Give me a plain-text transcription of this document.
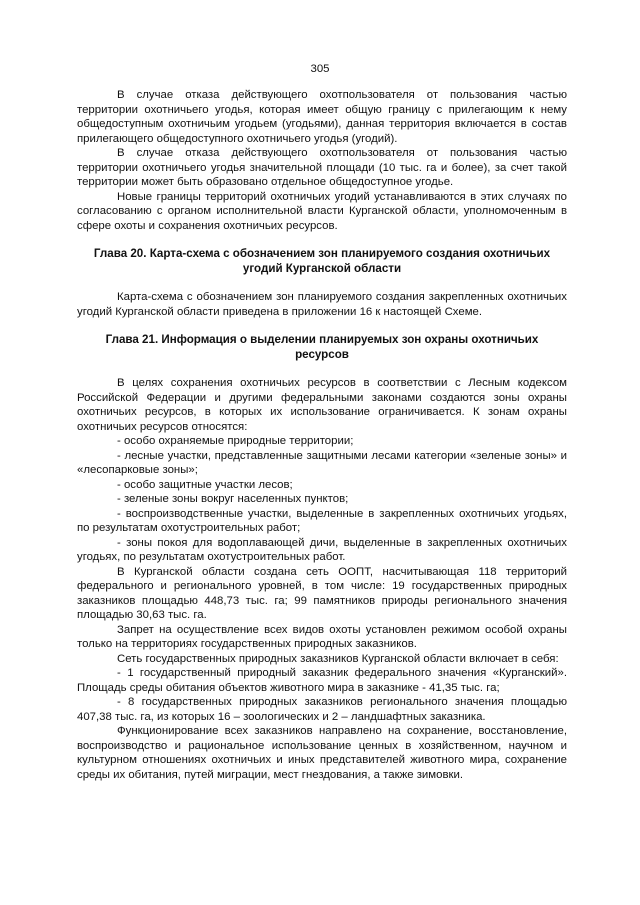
305

В случае отказа действующего охотпользователя от пользования частью территории охотничьего угодья, которая имеет общую границу с прилегающим к нему общедоступным охотничьим угодьем (угодьями), данная территория включается в состав прилегающего общедоступного охотничьего угодья (угодий).

В случае отказа действующего охотпользователя от пользования частью территории охотничьего угодья значительной площади (10 тыс. га и более), за счет такой территории может быть образовано отдельное общедоступное угодье.

Новые границы территорий охотничьих угодий устанавливаются в этих случаях по согласованию с органом исполнительной власти Курганской области, уполномоченным в сфере охоты и сохранения охотничьих ресурсов.

Глава 20. Карта-схема с обозначением зон планируемого создания охотничьих угодий Курганской области

Карта-схема с обозначением зон планируемого создания закрепленных охотничьих угодий Курганской области приведена в приложении 16 к настоящей Схеме.

Глава 21. Информация о выделении планируемых зон охраны охотничьих ресурсов

В целях сохранения охотничьих ресурсов в соответствии с Лесным кодексом Российской Федерации и другими федеральными законами создаются зоны охраны охотничьих ресурсов, в которых их использование ограничивается. К зонам охраны охотничьих ресурсов относятся:

- особо охраняемые природные территории;

- лесные участки, представленные защитными лесами категории «зеленые зоны» и «лесопарковые зоны»;

- особо защитные участки лесов;

- зеленые зоны вокруг населенных пунктов;

- воспроизводственные участки, выделенные в закрепленных охотничьих угодьях, по результатам охотустроительных работ;

- зоны покоя для водоплавающей дичи, выделенные в закрепленных охотничьих угодьях, по результатам охотустроительных работ.

В Курганской области создана сеть ООПТ, насчитывающая 118 территорий федерального и регионального уровней, в том числе: 19 государственных природных заказников площадью 448,73 тыс. га; 99 памятников природы регионального значения площадью 30,63 тыс. га.

Запрет на осуществление всех видов охоты установлен режимом особой охраны только на территориях государственных природных заказников.

Сеть государственных природных заказников Курганской области включает в себя:

- 1 государственный природный заказник федерального значения «Курганский». Площадь среды обитания объектов животного мира в заказнике - 41,35 тыс. га;

- 8 государственных природных заказников регионального значения площадью 407,38 тыс. га, из которых 16 – зоологических и 2 – ландшафтных заказника.

Функционирование всех заказников направлено на сохранение, восстановление, воспроизводство и рациональное использование ценных в хозяйственном, научном и культурном отношениях охотничьих и иных представителей животного мира, сохранение среды их обитания, путей миграции, мест гнездования, а также зимовки.
